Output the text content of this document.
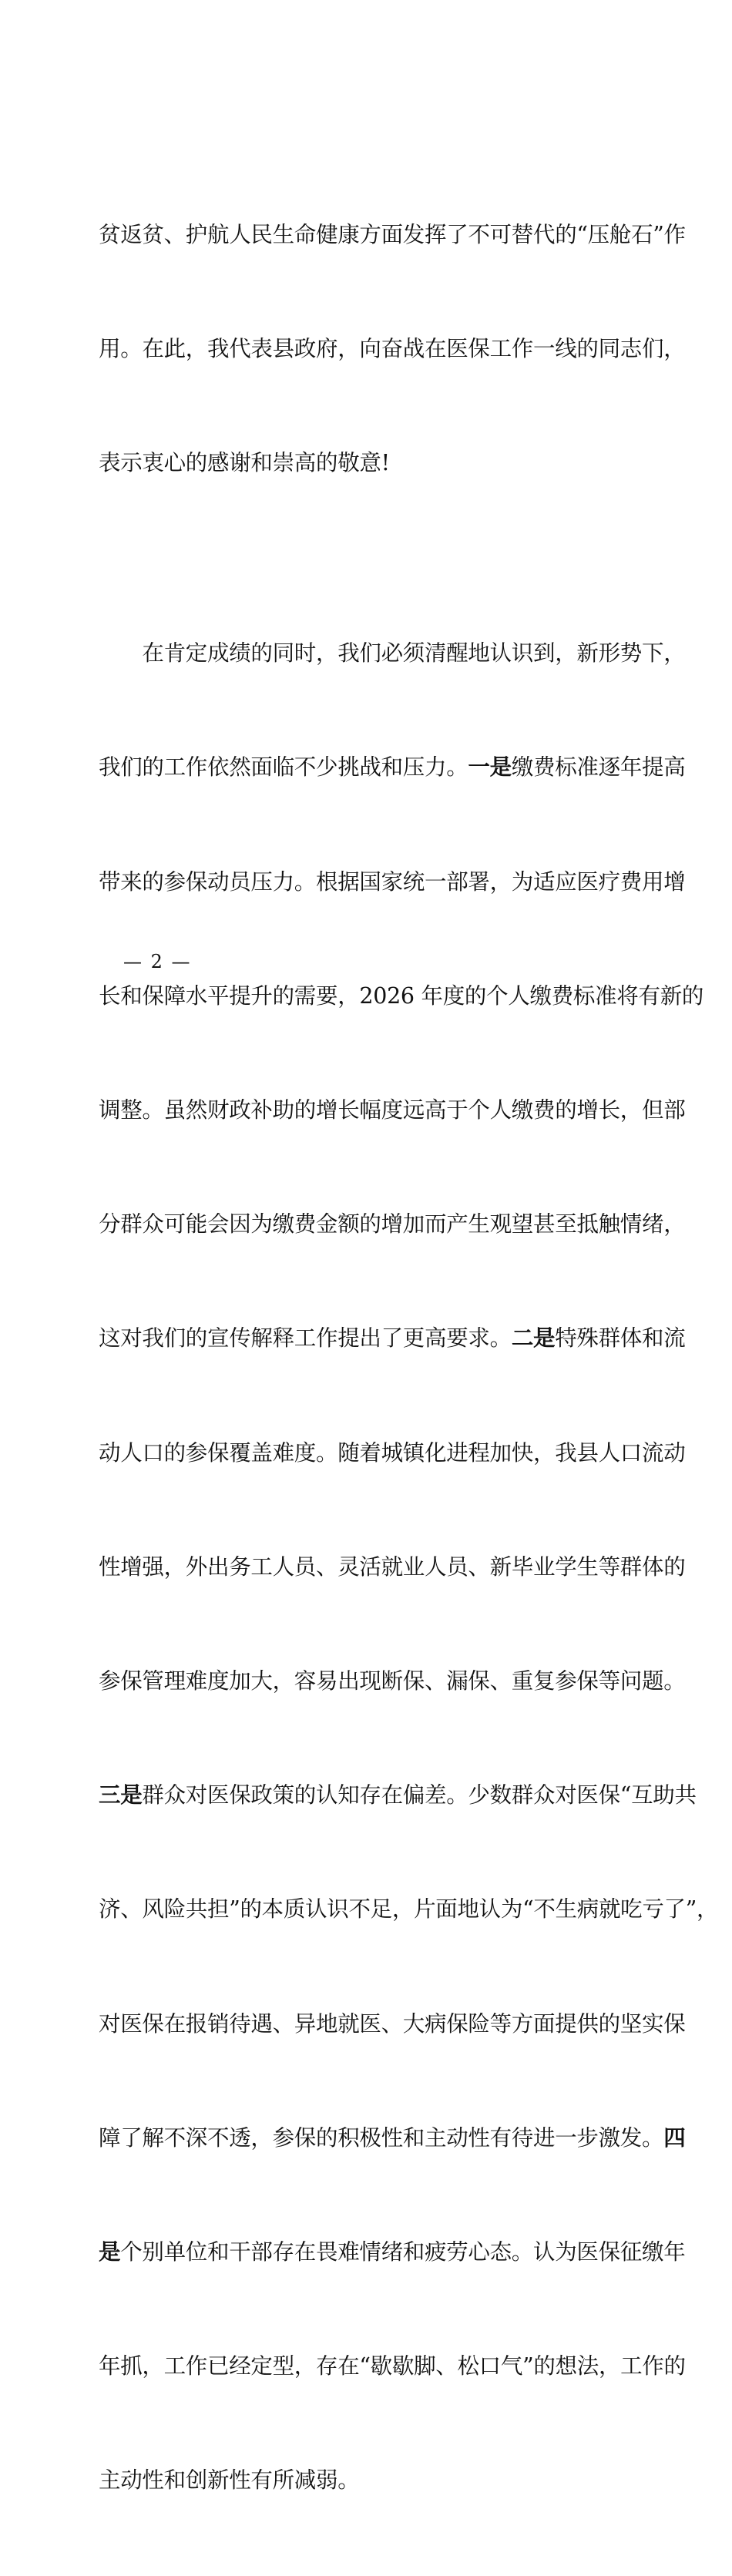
贫返贫、护航人民生命健康方面发挥了不可替代的“压舱石”作

用。在此，我代表县政府，向奋战在医保工作一线的同志们，

表示衷心的感谢和崇高的敬意!

　　在肯定成绩的同时，我们必须清醒地认识到，新形势下，

我们的工作依然面临不少挑战和压力。一是缴费标准逐年提高

带来的参保动员压力。根据国家统一部署，为适应医疗费用增

长和保障水平提升的需要，2026 年度的个人缴费标准将有新的

调整。虽然财政补助的增长幅度远高于个人缴费的增长，但部

分群众可能会因为缴费金额的增加而产生观望甚至抵触情绪，

这对我们的宣传解释工作提出了更高要求。二是特殊群体和流

动人口的参保覆盖难度。随着城镇化进程加快，我县人口流动

性增强，外出务工人员、灵活就业人员、新毕业学生等群体的

参保管理难度加大，容易出现断保、漏保、重复参保等问题。

三是群众对医保政策的认知存在偏差。少数群众对医保“互助共

济、风险共担”的本质认识不足，片面地认为“不生病就吃亏了”，

对医保在报销待遇、异地就医、大病保险等方面提供的坚实保

障了解不深不透，参保的积极性和主动性有待进一步激发。四

是个别单位和干部存在畏难情绪和疲劳心态。认为医保征缴年

年抓，工作已经定型，存在“歇歇脚、松口气”的想法，工作的

主动性和创新性有所减弱。

— 2 —
